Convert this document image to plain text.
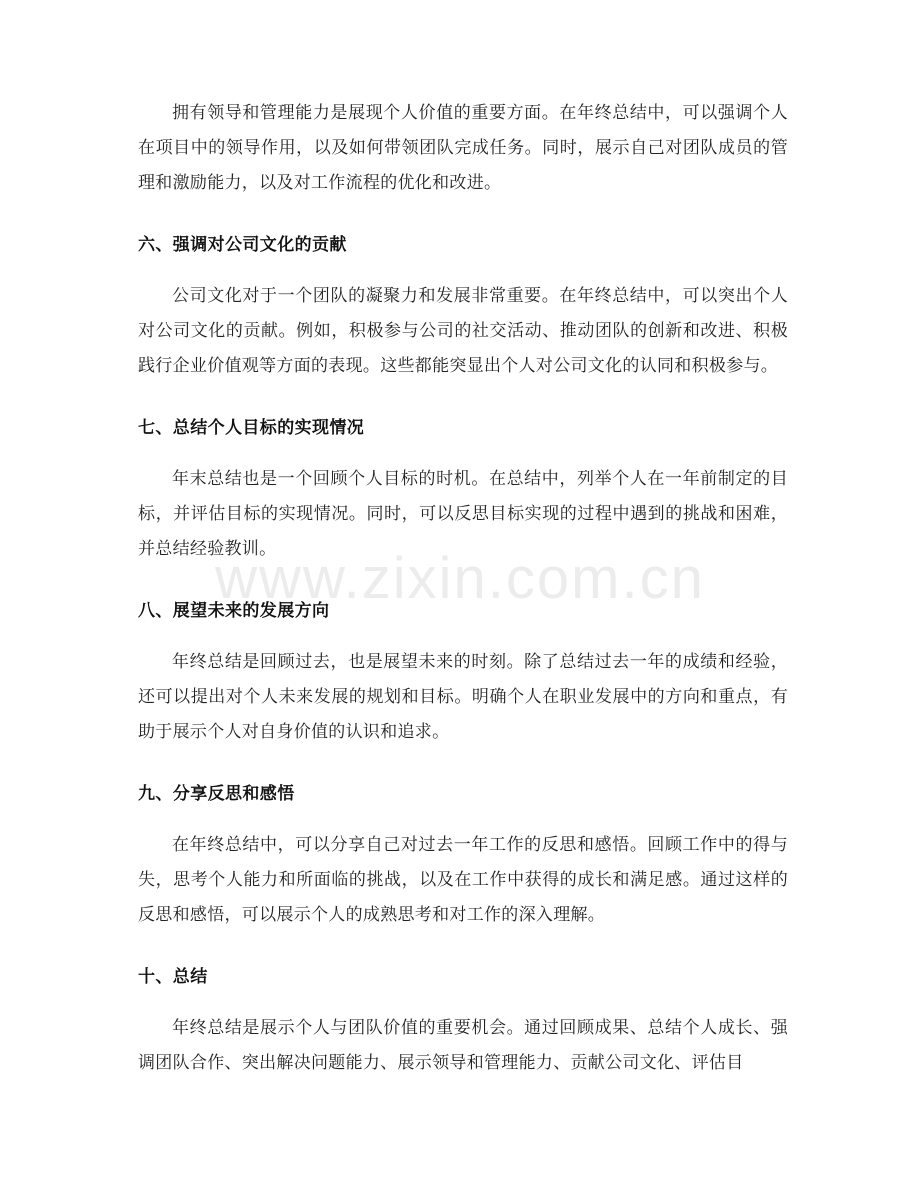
拥有领导和管理能力是展现个人价值的重要方面。在年终总结中，可以强调个人在项目中的领导作用，以及如何带领团队完成任务。同时，展示自己对团队成员的管理和激励能力，以及对工作流程的优化和改进。

六、强调对公司文化的贡献

公司文化对于一个团队的凝聚力和发展非常重要。在年终总结中，可以突出个人对公司文化的贡献。例如，积极参与公司的社交活动、推动团队的创新和改进、积极践行企业价值观等方面的表现。这些都能突显出个人对公司文化的认同和积极参与。

七、总结个人目标的实现情况

年末总结也是一个回顾个人目标的时机。在总结中，列举个人在一年前制定的目标，并评估目标的实现情况。同时，可以反思目标实现的过程中遇到的挑战和困难，并总结经验教训。

八、展望未来的发展方向

年终总结是回顾过去，也是展望未来的时刻。除了总结过去一年的成绩和经验，还可以提出对个人未来发展的规划和目标。明确个人在职业发展中的方向和重点，有助于展示个人对自身价值的认识和追求。

九、分享反思和感悟

在年终总结中，可以分享自己对过去一年工作的反思和感悟。回顾工作中的得与失，思考个人能力和所面临的挑战，以及在工作中获得的成长和满足感。通过这样的反思和感悟，可以展示个人的成熟思考和对工作的深入理解。

十、总结

年终总结是展示个人与团队价值的重要机会。通过回顾成果、总结个人成长、强调团队合作、突出解决问题能力、展示领导和管理能力、贡献公司文化、评估目

www.zixin.com.cn
